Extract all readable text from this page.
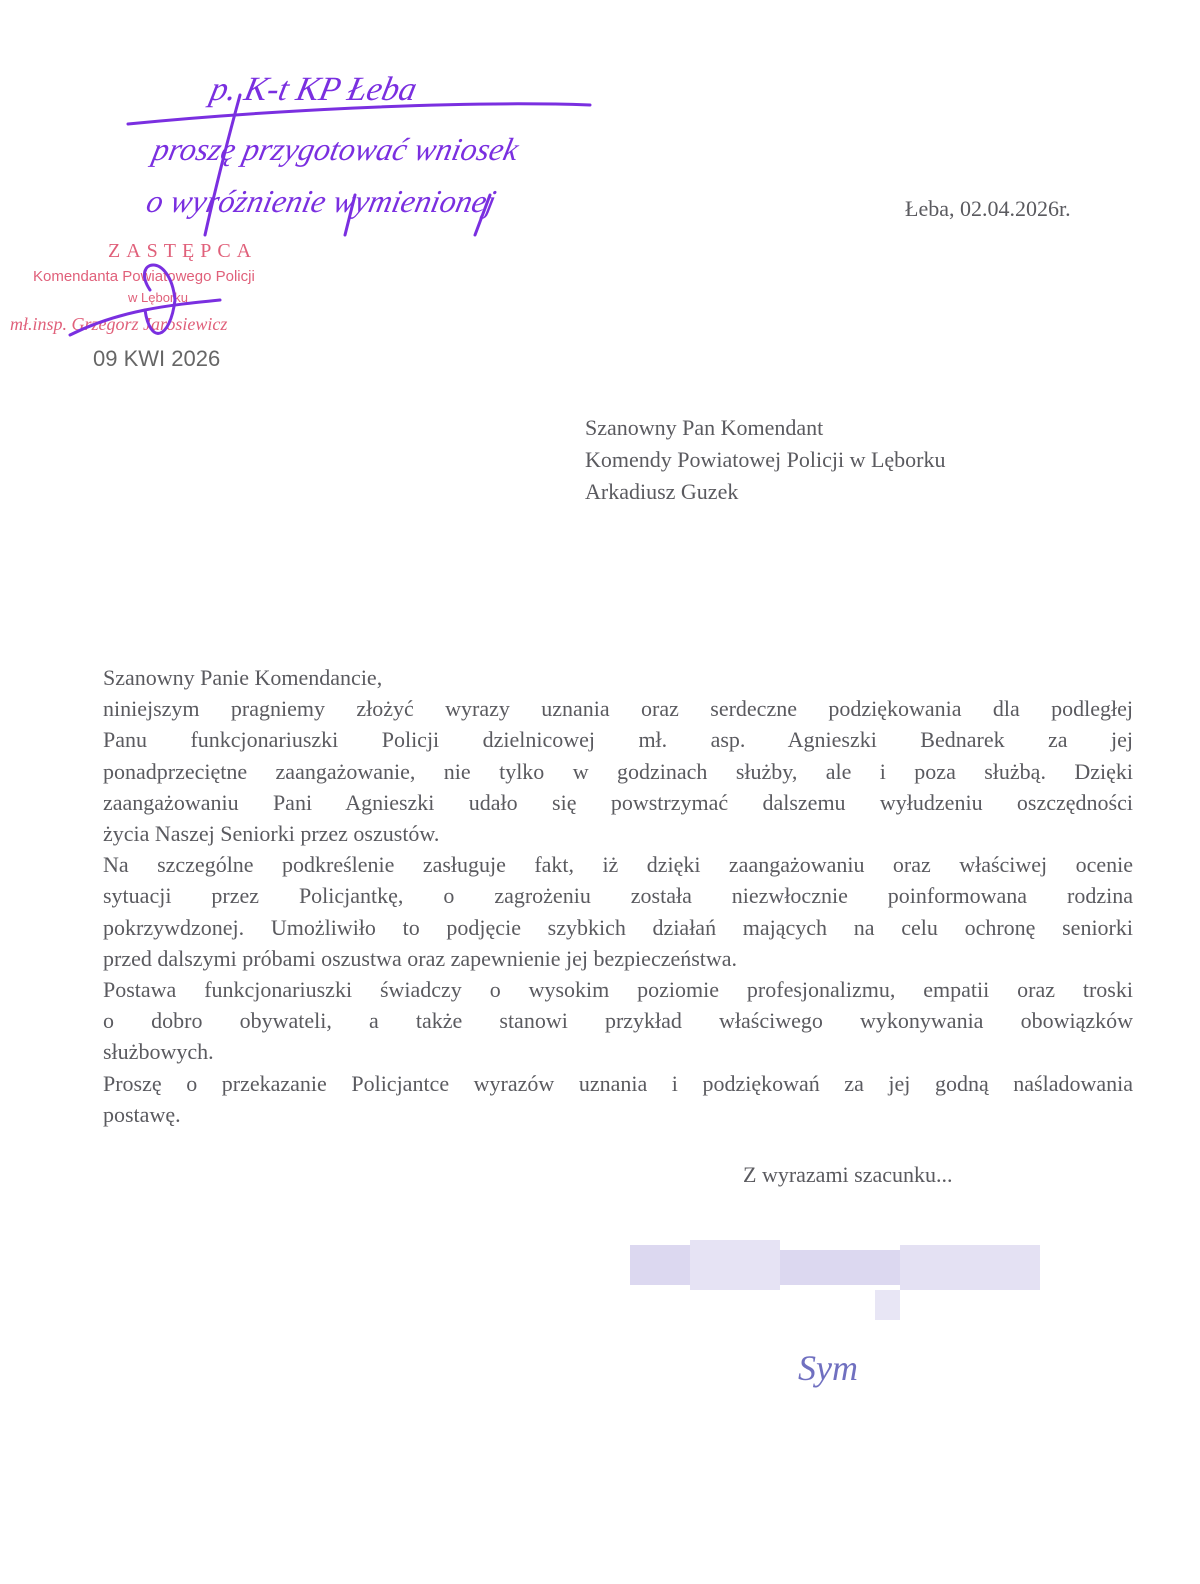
p. K-t KP Łeba
proszę przygotować wniosek
o wyróżnienie wymienionej
ZASTĘPCA
Komendanta Powiatowego Policji
w Lęborku
mł.insp. Grzegorz Jarosiewicz
09 KWI 2026
Łeba, 02.04.2026r.
Szanowny Pan Komendant
Komendy Powiatowej Policji w Lęborku
Arkadiusz Guzek
Szanowny Panie Komendancie,
niniejszym pragniemy złożyć wyrazy uznania oraz serdeczne podziękowania dla podległej
Panu funkcjonariuszki Policji dzielnicowej mł. asp. Agnieszki Bednarek za jej
ponadprzeciętne zaangażowanie, nie tylko w godzinach służby, ale i poza służbą. Dzięki
zaangażowaniu Pani Agnieszki udało się powstrzymać dalszemu wyłudzeniu oszczędności
życia Naszej Seniorki przez oszustów.
Na szczególne podkreślenie zasługuje fakt, iż dzięki zaangażowaniu oraz właściwej ocenie
sytuacji przez Policjantkę, o zagrożeniu została niezwłocznie poinformowana rodzina
pokrzywdzonej. Umożliwiło to podjęcie szybkich działań mających na celu ochronę seniorki
przed dalszymi próbami oszustwa oraz zapewnienie jej bezpieczeństwa.
Postawa funkcjonariuszki świadczy o wysokim poziomie profesjonalizmu, empatii oraz troski
o dobro obywateli, a także stanowi przykład właściwego wykonywania obowiązków
służbowych.
Proszę o przekazanie Policjantce wyrazów uznania i podziękowań za jej godną naśladowania
postawę.
Z wyrazami szacunku...
Sym
